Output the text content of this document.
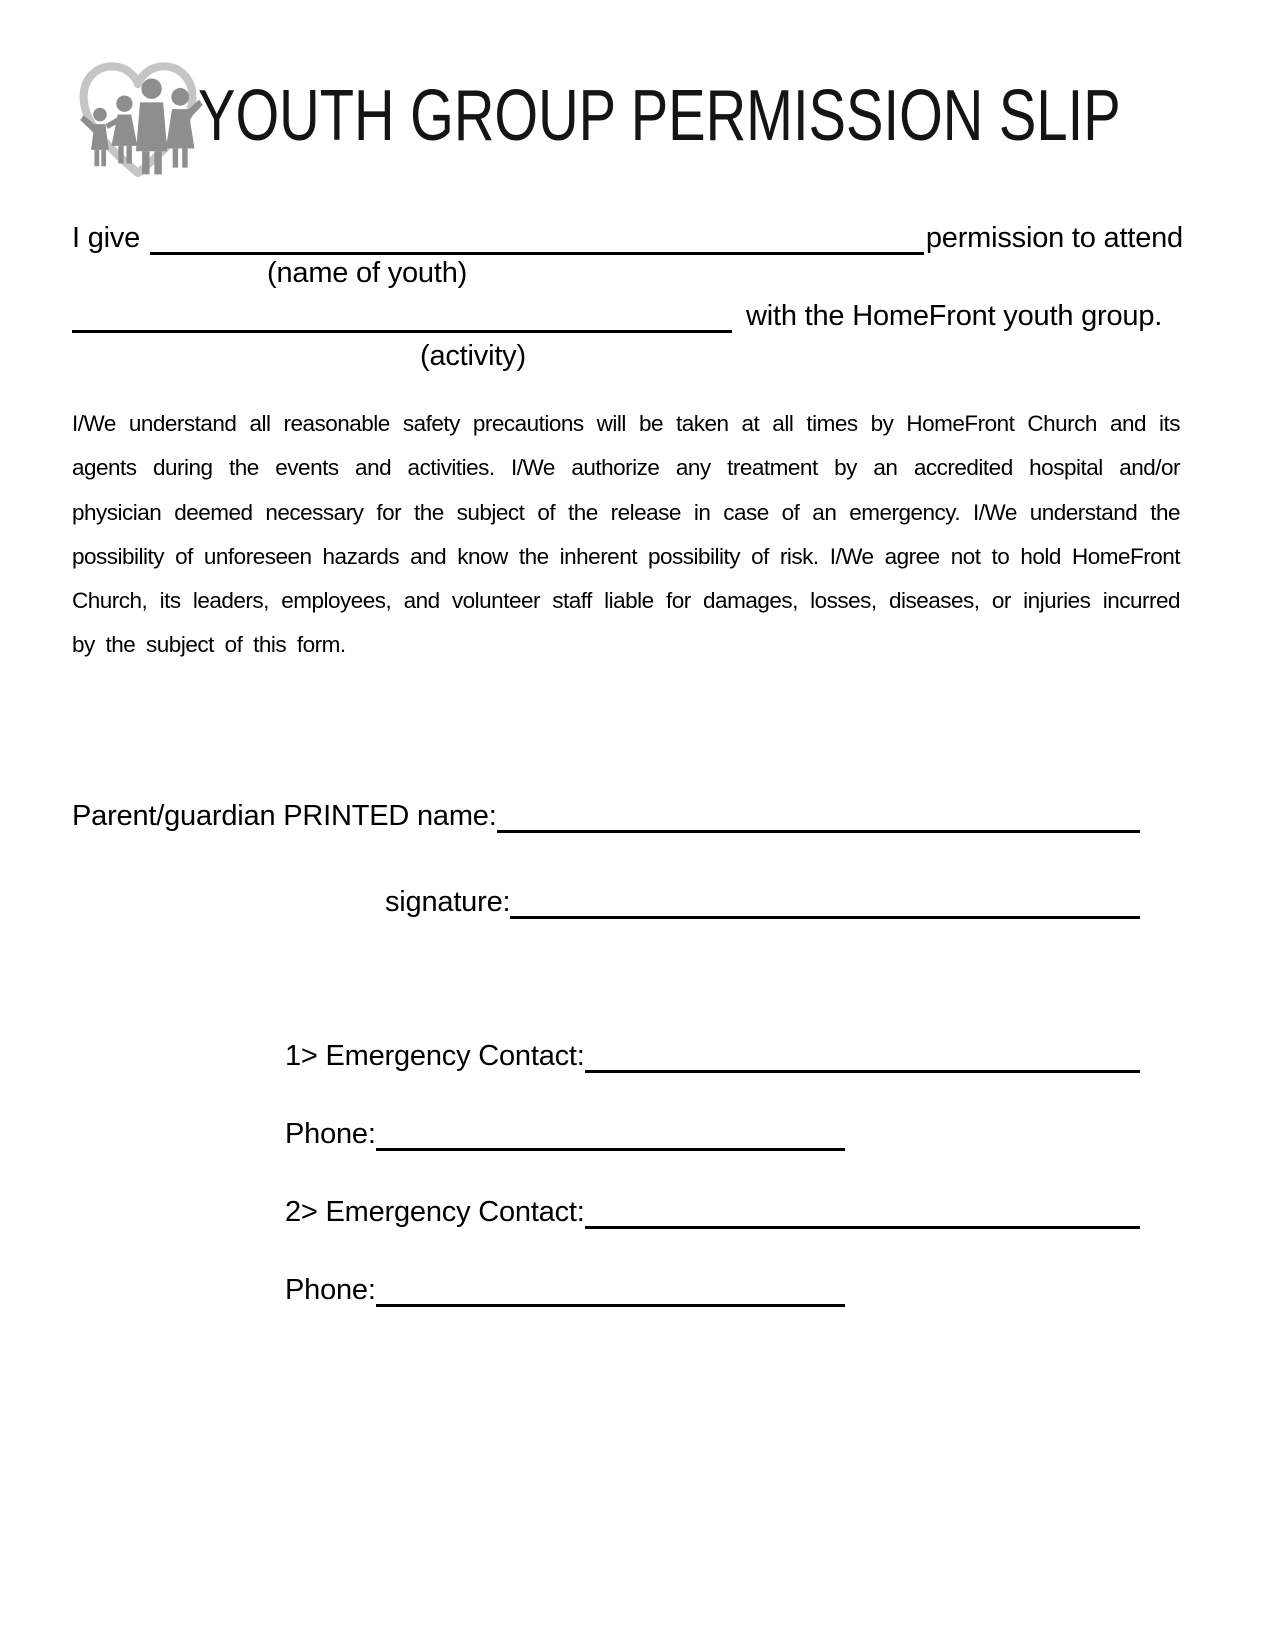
YOUTH GROUP PERMISSION SLIP
I give	permission to attend
(name of youth)
with the HomeFront youth group.
(activity)

I/We understand all reasonable safety precautions will be taken at all times by HomeFront Church and its agents during the events and activities. I/We authorize any treatment by an accredited hospital and/or physician deemed necessary for the subject of the release in case of an emergency. I/We understand the possibility of unforeseen hazards and know the inherent possibility of risk. I/We agree not to hold HomeFront Church, its leaders, employees, and volunteer staff liable for damages, losses, diseases, or injuries incurred by the subject of this form.

Parent/guardian PRINTED name:
signature:
1> Emergency Contact:
Phone:
2> Emergency Contact:
Phone:
